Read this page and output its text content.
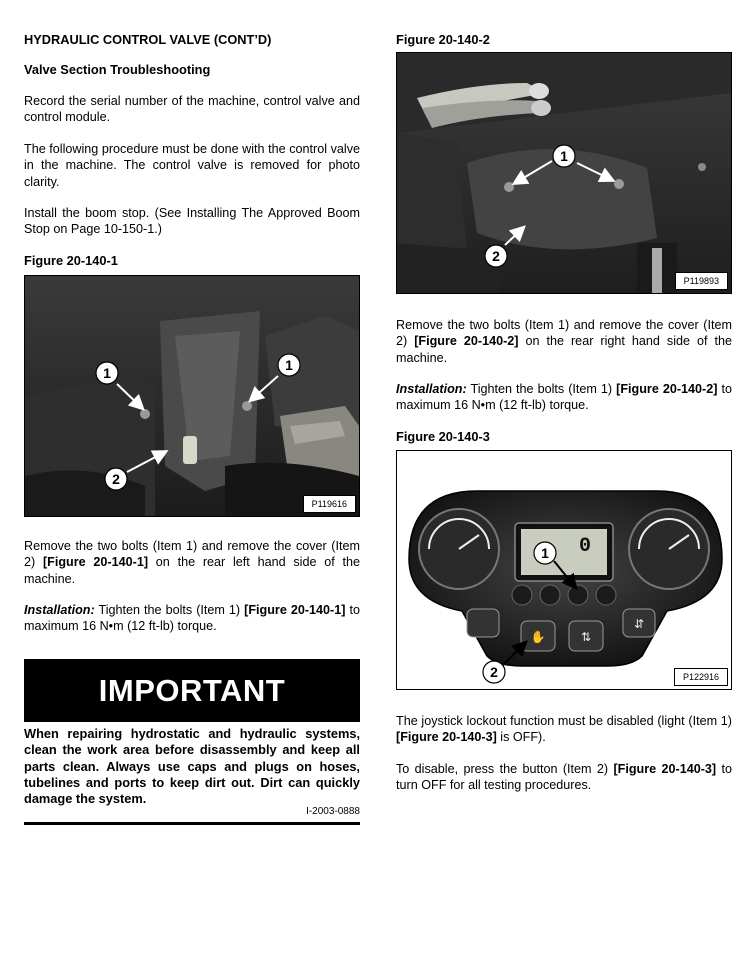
HYDRAULIC CONTROL VALVE (CONT’D)
Valve Section Troubleshooting

Record the serial number of the machine, control valve and control module.

The following procedure must be done with the control valve in the machine. The control valve is removed for photo clarity.

Install the boom stop. (See Installing The Approved Boom Stop on Page 10-150-1.)

Figure 20-140-1
1	1
2
P119616

Remove the two bolts (Item 1) and remove the cover (Item 2) [Figure 20-140-1] on the rear left hand side of the machine.

Installation: Tighten the bolts (Item 1) [Figure 20-140-1] to maximum 16 N•m (12 ft-lb) torque.

IMPORTANT
When repairing hydrostatic and hydraulic systems, clean the work area before disassembly and keep all parts clean. Always use caps and plugs on hoses, tubelines and ports to keep dirt out. Dirt can quickly damage the system.
I-2003-0888
Figure 20-140-2
1
2
P119893

Remove the two bolts (Item 1) and remove the cover (Item 2) [Figure 20-140-2] on the rear right hand side of the machine.

Installation: Tighten the bolts (Item 1) [Figure 20-140-2] to maximum 16 N•m (12 ft-lb) torque.

Figure 20-140-3
0
✋	⇅
⇵
1
2	P122916

The joystick lockout function must be disabled (light (Item 1) [Figure 20-140-3] is OFF).

To disable, press the button (Item 2) [Figure 20-140-3] to turn OFF for all testing procedures.
